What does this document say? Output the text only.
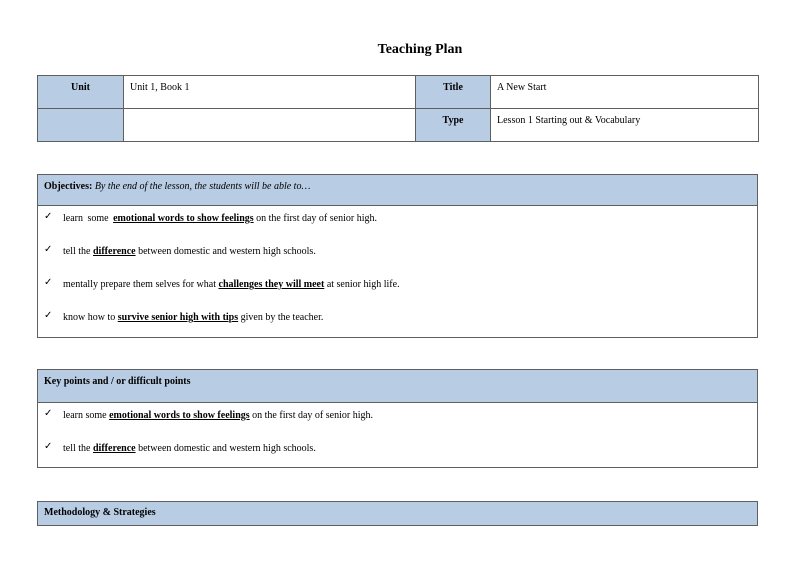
Teaching Plan
Unit	Unit 1, Book 1	Title	A New Start
		Type	Lesson 1 Starting out & Vocabulary
Objectives: By the end of the lesson, the students will be able to…
✓ learn some emotional words to show feelings on the first day of senior high.
✓ tell the difference between domestic and western high schools.
✓ mentally prepare them selves for what challenges they will meet at senior high life.
✓ know how to survive senior high with tips given by the teacher.
Key points and / or difficult points
✓ learn some emotional words to show feelings on the first day of senior high.
✓ tell the difference between domestic and western high schools.
Methodology & Strategies
